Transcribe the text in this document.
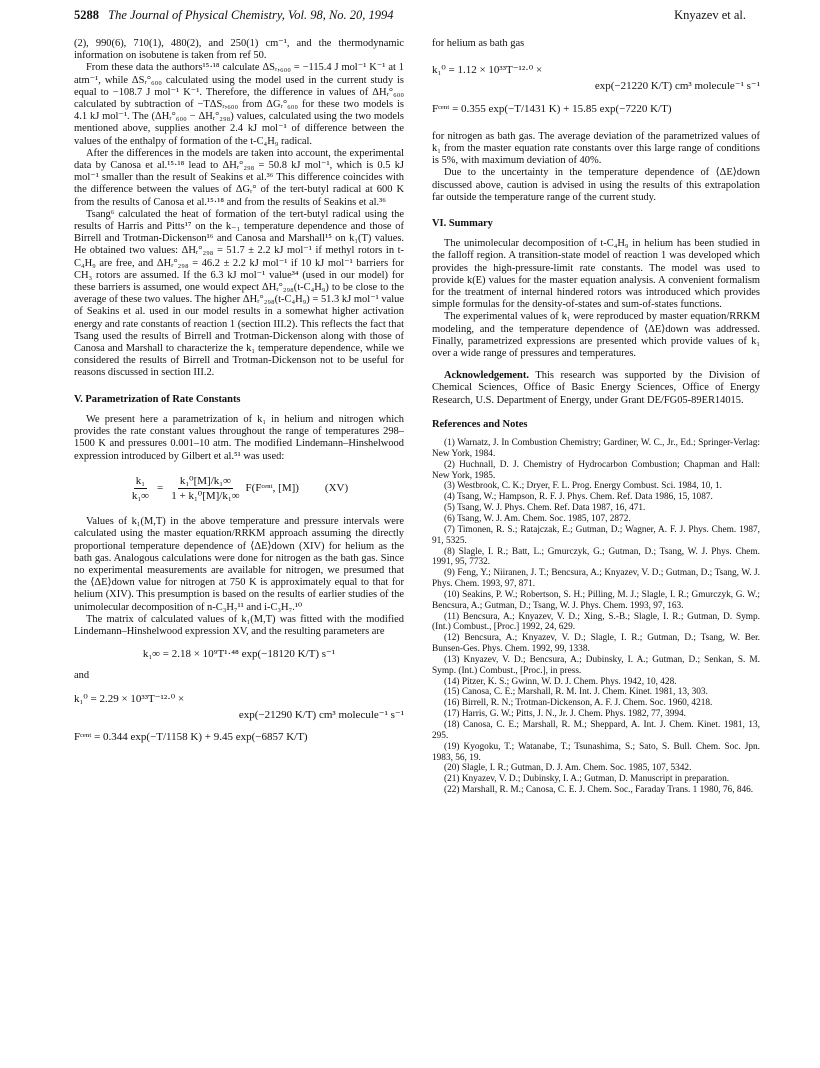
5288 The Journal of Physical Chemistry, Vol. 98, No. 20, 1994	Knyazev et al.

(2), 990(6), 710(1), 480(2), and 250(1) cm⁻¹, and the thermodynamic information on isobutene is taken from ref 50.

From these data the authors¹⁵·¹⁸ calculate ΔSᵣ,₆₀₀ = −115.4 J mol⁻¹ K⁻¹ at 1 atm⁻¹, while ΔSᵣ°₆₀₀ calculated using the model used in the current study is equal to −108.7 J mol⁻¹ K⁻¹. Therefore, the difference in values of ΔHᵣ°₆₀₀ calculated by subtraction of −TΔSᵣ,₆₀₀ from ΔGᵣ°₆₀₀ for these two models is 4.1 kJ mol⁻¹. The (ΔHᵣ°₆₀₀ − ΔHᵣ°₂₉₈) values, calculated using the two models mentioned above, supplies another 2.4 kJ mol⁻¹ of difference between the values of the enthalpy of formation of the t-C₄H₉ radical.

After the differences in the models are taken into account, the experimental data by Canosa et al.¹⁵·¹⁸ lead to ΔHᵣ°₂₉₈ = 50.8 kJ mol⁻¹, which is 0.5 kJ mol⁻¹ smaller than the result of Seakins et al.³⁶ This difference coincides with the difference between the values of ΔGᵣ° of the tert-butyl radical at 600 K from the results of Canosa et al.¹⁵·¹⁸ and from the results of Seakins et al.³⁶

Tsang⁶ calculated the heat of formation of the tert-butyl radical using the results of Harris and Pitts¹⁷ on the k₋₁ temperature dependence and those of Birrell and Trotman-Dickenson¹⁶ and Canosa and Marshall¹⁵ on k₁(T) values. He obtained two values: ΔHᵣ°₂₉₈ = 51.7 ± 2.2 kJ mol⁻¹ if methyl rotors in t-C₄H₉ are free, and ΔHᵣ°₂₉₈ = 46.2 ± 2.2 kJ mol⁻¹ if 10 kJ mol⁻¹ barriers for CH₃ rotors are assumed. If the 6.3 kJ mol⁻¹ value³⁴ (used in our model) for these barriers is assumed, one would expect ΔHᵣ°₂₉₈(t-C₄H₉) to be close to the average of these two values. The higher ΔHᵣ°₂₉₈(t-C₄H₉) = 51.3 kJ mol⁻¹ value of Seakins et al. used in our model results in a somewhat higher activation energy and rate constants of reaction 1 (section III.2). This reflects the fact that Tsang used the results of Birrell and Trotman-Dickenson along with those of Canosa and Marshall to characterize the k₁ temperature dependence, while we considered the results of Birrell and Trotman-Dickenson not to be useful for reasons discussed in section III.2.

V. Parametrization of Rate Constants

We present here a parametrization of k₁ in helium and nitrogen which provides the rate constant values throughout the range of temperatures 298–1500 K and pressures 0.001–10 atm. The modified Lindemann–Hinshelwood expression introduced by Gilbert et al.⁵¹ was used:

$\frac{\text{k₁}}{\text{k₁∞}} = \frac{\text{k₁⁰[M]/k₁∞}}{\text{1 + k₁⁰[M]/k₁∞}}$ F(Fᶜᵉⁿᵗ, [M]) (XV)

Values of k₁(M,T) in the above temperature and pressure intervals were calculated using the master equation/RRKM approach assuming the directly proportional temperature dependence of ⟨ΔE⟩down (XIV) for helium as the bath gas. Analogous calculations were done for nitrogen as the bath gas. Since no experimental measurements are available for nitrogen, we presumed that the ⟨ΔE⟩down value for nitrogen at 750 K is approximately equal to that for helium (XIV). This presumption is based on the results of earlier studies of the unimolecular decomposition of n-C₃H₇¹¹ and i-C₃H₇.¹⁰

The matrix of calculated values of k₁(M,T) was fitted with the modified Lindemann–Hinshelwood expression XV, and the resulting parameters are

k₁∞ = 2.18 × 10⁹T¹·⁴⁸ exp(−18120 K/T) s⁻¹

and

k₁⁰ = 2.29 × 10³³T⁻¹²·⁰ ×
exp(−21290 K/T) cm³ molecule⁻¹ s⁻¹
Fᶜᵉⁿᵗ = 0.344 exp(−T/1158 K) + 9.45 exp(−6857 K/T)

for helium as bath gas

k₁⁰ = 1.12 × 10³³T⁻¹²·⁰ ×
exp(−21220 K/T) cm³ molecule⁻¹ s⁻¹
Fᶜᵉⁿᵗ = 0.355 exp(−T/1431 K) + 15.85 exp(−7220 K/T)

for nitrogen as bath gas. The average deviation of the parametrized values of k₁ from the master equation rate constants over this large range of conditions is 5%, with maximum deviation of 40%.

Due to the uncertainty in the temperature dependence of ⟨ΔE⟩down discussed above, caution is advised in using the results of this extrapolation far outside the temperature range of the current study.

VI. Summary

The unimolecular decomposition of t-C₄H₉ in helium has been studied in the falloff region. A transition-state model of reaction 1 was developed which provides the high-pressure-limit rate constants. The model was used to provide k(E) values for the master equation analysis. A convenient formalism for the treatment of internal hindered rotors was introduced which provides simple formulas for the density-of-states and sum-of-states functions.

The experimental values of k₁ were reproduced by master equation/RRKM modeling, and the temperature dependence of ⟨ΔE⟩down was addressed. Finally, parametrized expressions are presented which provide values of k₁ over a wide range of pressures and temperatures.

Acknowledgement. This research was supported by the Division of Chemical Sciences, Office of Basic Energy Sciences, Office of Energy Research, U.S. Department of Energy, under Grant DE/FG05-89ER14015.

References and Notes

(1) Warnatz, J. In Combustion Chemistry; Gardiner, W. C., Jr., Ed.; Springer-Verlag: New York, 1984.

(2) Huchnall, D. J. Chemistry of Hydrocarbon Combustion; Chapman and Hall: New York, 1985.

(3) Westbrook, C. K.; Dryer, F. L. Prog. Energy Combust. Sci. 1984, 10, 1.

(4) Tsang, W.; Hampson, R. F. J. Phys. Chem. Ref. Data 1986, 15, 1087.

(5) Tsang, W. J. Phys. Chem. Ref. Data 1987, 16, 471.

(6) Tsang, W. J. Am. Chem. Soc. 1985, 107, 2872.

(7) Timonen, R. S.; Ratajczak, E.; Gutman, D.; Wagner, A. F. J. Phys. Chem. 1987, 91, 5325.

(8) Slagle, I. R.; Batt, L.; Gmurczyk, G.; Gutman, D.; Tsang, W. J. Phys. Chem. 1991, 95, 7732.

(9) Feng, Y.; Niiranen, J. T.; Bencsura, A.; Knyazev, V. D.; Gutman, D.; Tsang, W. J. Phys. Chem. 1993, 97, 871.

(10) Seakins, P. W.; Robertson, S. H.; Pilling, M. J.; Slagle, I. R.; Gmurczyk, G. W.; Bencsura, A.; Gutman, D.; Tsang, W. J. Phys. Chem. 1993, 97, 163.

(11) Bencsura, A.; Knyazev, V. D.; Xing, S.-B.; Slagle, I. R.; Gutman, D. Symp. (Int.) Combust., [Proc.] 1992, 24, 629.

(12) Bencsura, A.; Knyazev, V. D.; Slagle, I. R.; Gutman, D.; Tsang, W. Ber. Bunsen-Ges. Phys. Chem. 1992, 99, 1338.

(13) Knyazev, V. D.; Bencsura, A.; Dubinsky, I. A.; Gutman, D.; Senkan, S. M. Symp. (Int.) Combust., [Proc.], in press.

(14) Pitzer, K. S.; Gwinn, W. D. J. Chem. Phys. 1942, 10, 428.

(15) Canosa, C. E.; Marshall, R. M. Int. J. Chem. Kinet. 1981, 13, 303.

(16) Birrell, R. N.; Trotman-Dickenson, A. F. J. Chem. Soc. 1960, 4218.

(17) Harris, G. W.; Pitts, J. N., Jr. J. Chem. Phys. 1982, 77, 3994.

(18) Canosa, C. E.; Marshall, R. M.; Sheppard, A. Int. J. Chem. Kinet. 1981, 13, 295.

(19) Kyogoku, T.; Watanabe, T.; Tsunashima, S.; Sato, S. Bull. Chem. Soc. Jpn. 1983, 56, 19.

(20) Slagle, I. R.; Gutman, D. J. Am. Chem. Soc. 1985, 107, 5342.

(21) Knyazev, V. D.; Dubinsky, I. A.; Gutman, D. Manuscript in preparation.

(22) Marshall, R. M.; Canosa, C. E. J. Chem. Soc., Faraday Trans. 1 1980, 76, 846.
